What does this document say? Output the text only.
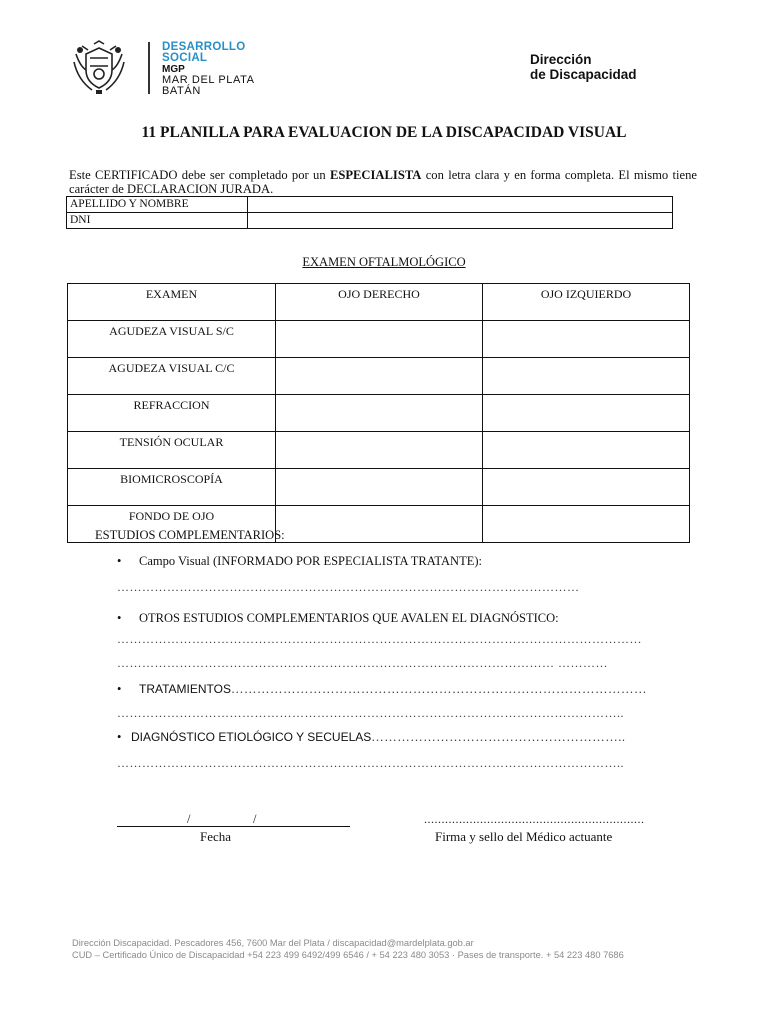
DESARROLLO
SOCIAL
MGP
MAR DEL PLATA
BATÁN
Dirección
de Discapacidad
11 PLANILLA PARA EVALUACION DE LA DISCAPACIDAD VISUAL
Este CERTIFICADO debe ser completado por un ESPECIALISTA con letra clara y en forma completa. El mismo tiene carácter de DECLARACION JURADA.
APELLIDO Y NOMBRE	
DNI	
EXAMEN OFTALMOLÓGICO
EXAMEN	OJO DERECHO	OJO IZQUIERDO
AGUDEZA VISUAL S/C		
AGUDEZA VISUAL C/C		
REFRACCION		
TENSIÓN OCULAR		
BIOMICROSCOPÍA		
FONDO DE OJO		
ESTUDIOS COMPLEMENTARIOS:
• Campo Visual (INFORMADO POR ESPECIALISTA TRATANTE):
…………………………………………………………………………………………………
• OTROS ESTUDIOS COMPLEMENTARIOS QUE AVALEN EL DIAGNÓSTICO:
………………………………………………………………………………………………………………
…………………………………………………………………………………………… …………
• TRATAMIENTOS……………………………………………………………………………………
…………………………………………………………………………………………………………..
• DIAGNÓSTICO ETIOLÓGICO Y SECUELAS…………………………………………………..
…………………………………………………………………………………………………………..
/	/
Fecha
...............................................................
Firma y sello del Médico actuante
Dirección Discapacidad. Pescadores 456, 7600 Mar del Plata / discapacidad@mardelplata.gob.ar
CUD – Certificado Único de Discapacidad +54 223 499 6492/499 6546 / + 54 223 480 3053 · Pases de transporte. + 54 223 480 7686
